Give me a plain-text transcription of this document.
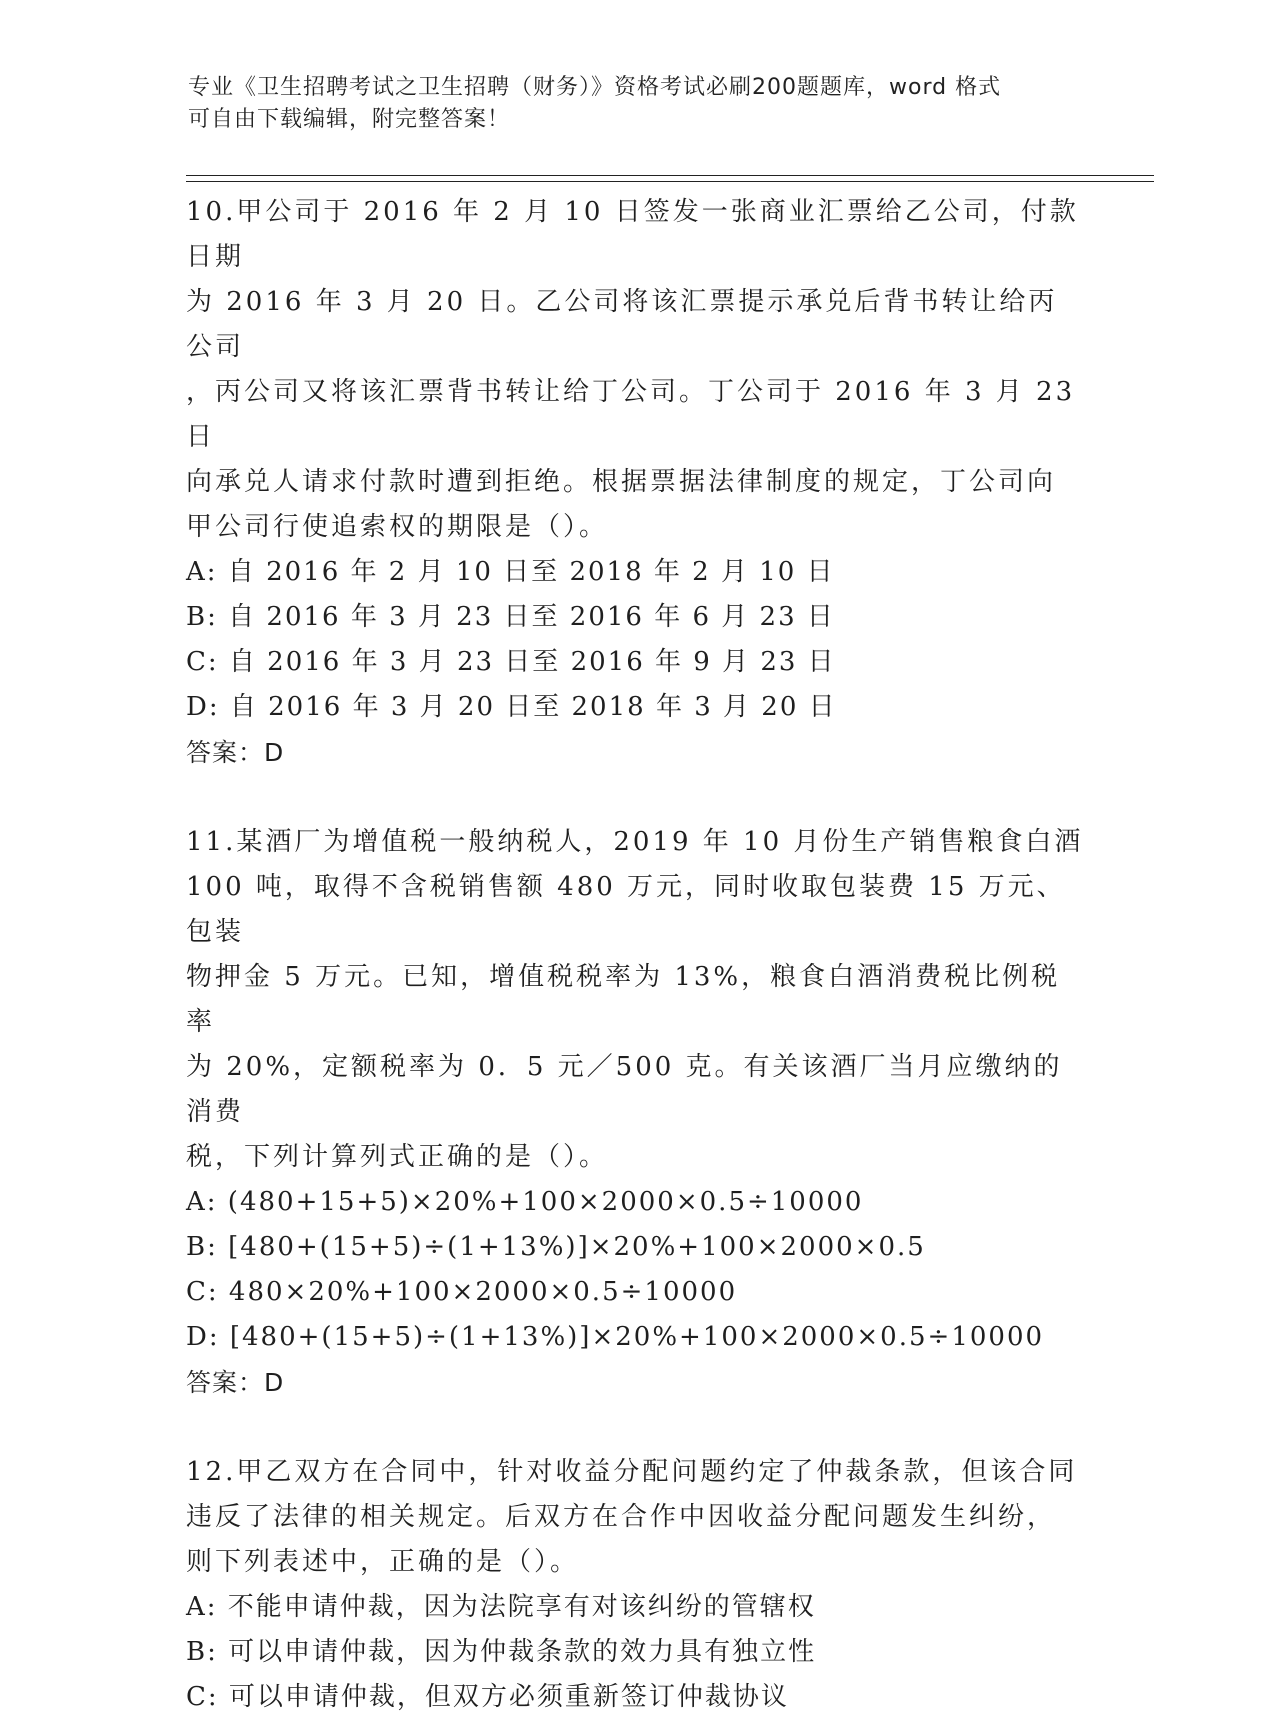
专业《卫生招聘考试之卫生招聘（财务）》资格考试必刷200题题库，word 格式
可自由下载编辑，附完整答案！
10.甲公司于 2016 年 2 月 10 日签发一张商业汇票给乙公司，付款日期
为 2016 年 3 月 20 日。乙公司将该汇票提示承兑后背书转让给丙公司
，丙公司又将该汇票背书转让给丁公司。丁公司于 2016 年 3 月 23 日
向承兑人请求付款时遭到拒绝。根据票据法律制度的规定，丁公司向
甲公司行使追索权的期限是（）。
A: 自 2016 年 2 月 10 日至 2018 年 2 月 10 日
B: 自 2016 年 3 月 23 日至 2016 年 6 月 23 日
C: 自 2016 年 3 月 23 日至 2016 年 9 月 23 日
D: 自 2016 年 3 月 20 日至 2018 年 3 月 20 日
答案：D
11.某酒厂为增值税一般纳税人，2019 年 10 月份生产销售粮食白酒
100 吨，取得不含税销售额 480 万元，同时收取包装费 15 万元、包装
物押金 5 万元。已知，增值税税率为 13%，粮食白酒消费税比例税率
为 20%，定额税率为 0．5 元／500 克。有关该酒厂当月应缴纳的消费
税，下列计算列式正确的是（）。
A: (480+15+5)×20%+100×2000×0.5÷10000
B: [480+(15+5)÷(1+13%)]×20%+100×2000×0.5
C: 480×20%+100×2000×0.5÷10000
D: [480+(15+5)÷(1+13%)]×20%+100×2000×0.5÷10000
答案：D
12.甲乙双方在合同中，针对收益分配问题约定了仲裁条款，但该合同
违反了法律的相关规定。后双方在合作中因收益分配问题发生纠纷，
则下列表述中，正确的是（）。
A: 不能申请仲裁，因为法院享有对该纠纷的管辖权
B: 可以申请仲裁，因为仲裁条款的效力具有独立性
C: 可以申请仲裁，但双方必须重新签订仲裁协议
